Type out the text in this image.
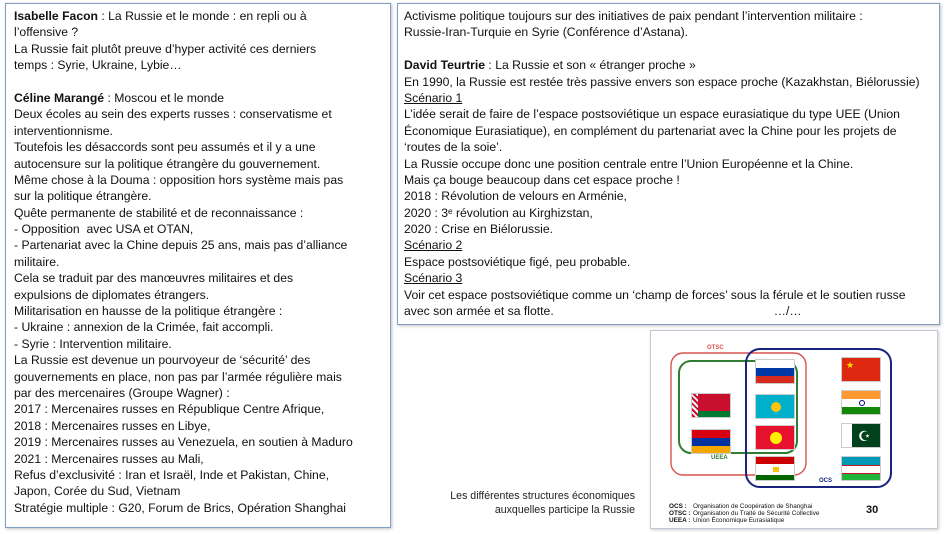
Isabelle Facon : La Russie et le monde : en repli ou à
l’offensive ?
La Russie fait plutôt preuve d’hyper activité ces derniers
temps : Syrie, Ukraine, Lybie…
Céline Marangé : Moscou et le monde
Deux écoles au sein des experts russes : conservatisme et
interventionnisme.
Toutefois les désaccords sont peu assumés et il y a une
autocensure sur la politique étrangère du gouvernement.
Même chose à la Douma : opposition hors système mais pas
sur la politique étrangère.
Quête permanente de stabilité et de reconnaissance :
- Opposition  avec USA et OTAN,
- Partenariat avec la Chine depuis 25 ans, mais pas d’alliance
militaire.
Cela se traduit par des manœuvres militaires et des
expulsions de diplomates étrangers.
Militarisation en hausse de la politique étrangère :
- Ukraine : annexion de la Crimée, fait accompli.
- Syrie : Intervention militaire.
La Russie est devenue un pourvoyeur de ‘sécurité’ des
gouvernements en place, non pas par l’armée régulière mais
par des mercenaires (Groupe Wagner) :
2017 : Mercenaires russes en République Centre Afrique,
2018 : Mercenaires russes en Libye,
2019 : Mercenaires russes au Venezuela, en soutien à Maduro
2021 : Mercenaires russes au Mali,
Refus d’exclusivité : Iran et Israël, Inde et Pakistan, Chine,
Japon, Corée du Sud, Vietnam
Stratégie multiple : G20, Forum de Brics, Opération Shanghai
Activisme politique toujours sur des initiatives de paix pendant l’intervention militaire :
Russie-Iran-Turquie en Syrie (Conférence d’Astana).
David Teurtrie : La Russie et son « étranger proche »
En 1990, la Russie est restée très passive envers son espace proche (Kazakhstan, Biélorussie)
Scénario 1
L’idée serait de faire de l’espace postsoviétique un espace eurasiatique du type UEE (Union
Économique Eurasiatique), en complément du partenariat avec la Chine pour les projets de
‘routes de la soie’.
La Russie occupe donc une position centrale entre l’Union Européenne et la Chine.
Mais ça bouge beaucoup dans cet espace proche !
2018 : Révolution de velours en Arménie,
2020 : 3ᵉ révolution au Kirghizstan,
2020 : Crise en Biélorussie.
Scénario 2
Espace postsoviétique figé, peu probable.
Scénario 3
Voir cet espace postsoviétique comme un ‘champ de forces’ sous la férule et le soutien russe
avec son armée et sa flotte.                                                                 …/…
Les différentes structures économiques
auxquelles participe la Russie
OTSC
UEEA
OCS
★
☪
OCS : Organisation de Coopération de Shanghai
OTSC : Organisation du Traité de Sécurité Collective
UEEA : Union Économique Eurasiatique
30
